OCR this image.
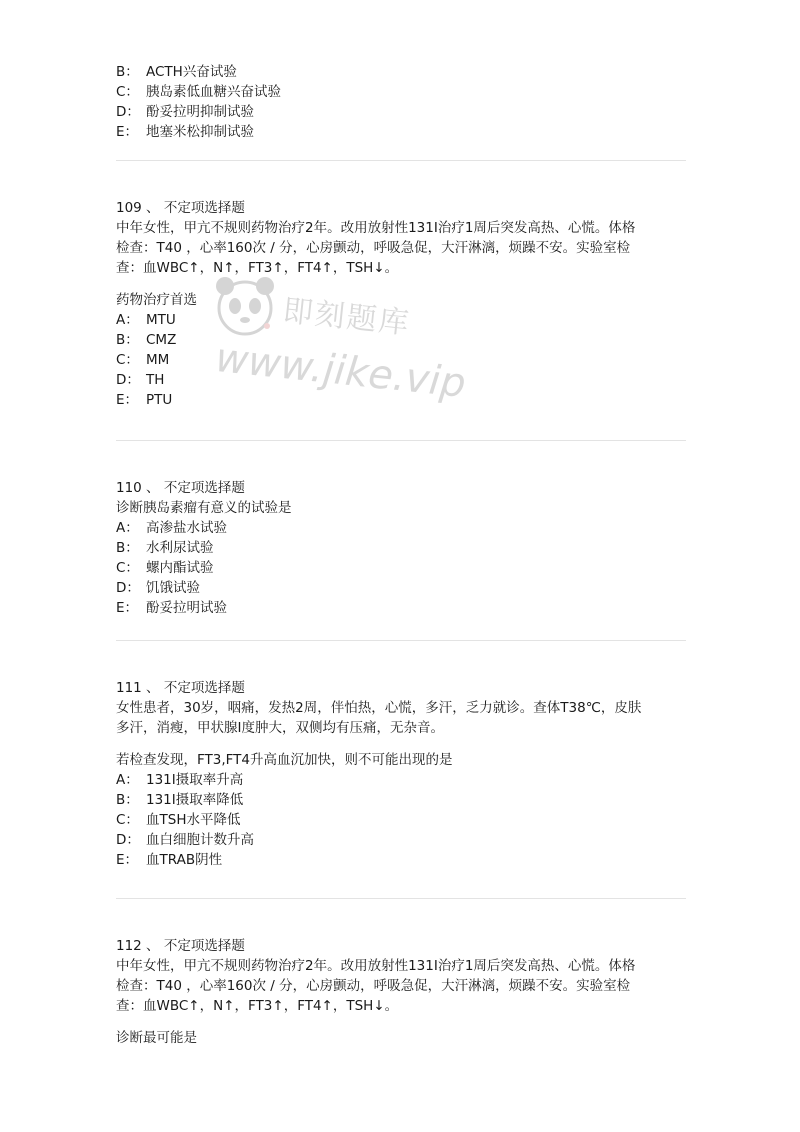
B： ACTH兴奋试验
C： 胰岛素低血糖兴奋试验
D： 酚妥拉明抑制试验
E： 地塞米松抑制试验
109 、 不定项选择题
中年女性，甲亢不规则药物治疗2年。改用放射性131I治疗1周后突发高热、心慌。体格
检查：T40 ，心率160次 / 分，心房颤动，呼吸急促，大汗淋漓，烦躁不安。实验室检
查：血WBC↑，N↑，FT3↑，FT4↑，TSH↓。
药物治疗首选
A： MTU
B： CMZ
C： MM
D： TH
E： PTU
110 、 不定项选择题
诊断胰岛素瘤有意义的试验是
A： 高渗盐水试验
B： 水利尿试验
C： 螺内酯试验
D： 饥饿试验
E： 酚妥拉明试验
111 、 不定项选择题
女性患者，30岁，咽痛，发热2周，伴怕热，心慌，多汗，乏力就诊。查体T38℃，皮肤
多汗，消瘦，甲状腺I度肿大，双侧均有压痛，无杂音。
若检查发现，FT3,FT4升高血沉加快，则不可能出现的是
A： 131I摄取率升高
B： 131I摄取率降低
C： 血TSH水平降低
D： 血白细胞计数升高
E： 血TRAB阴性
112 、 不定项选择题
中年女性，甲亢不规则药物治疗2年。改用放射性131I治疗1周后突发高热、心慌。体格
检查：T40 ，心率160次 / 分，心房颤动，呼吸急促，大汗淋漓，烦躁不安。实验室检
查：血WBC↑，N↑，FT3↑，FT4↑，TSH↓。
诊断最可能是
即刻题库
www.jike.vip
